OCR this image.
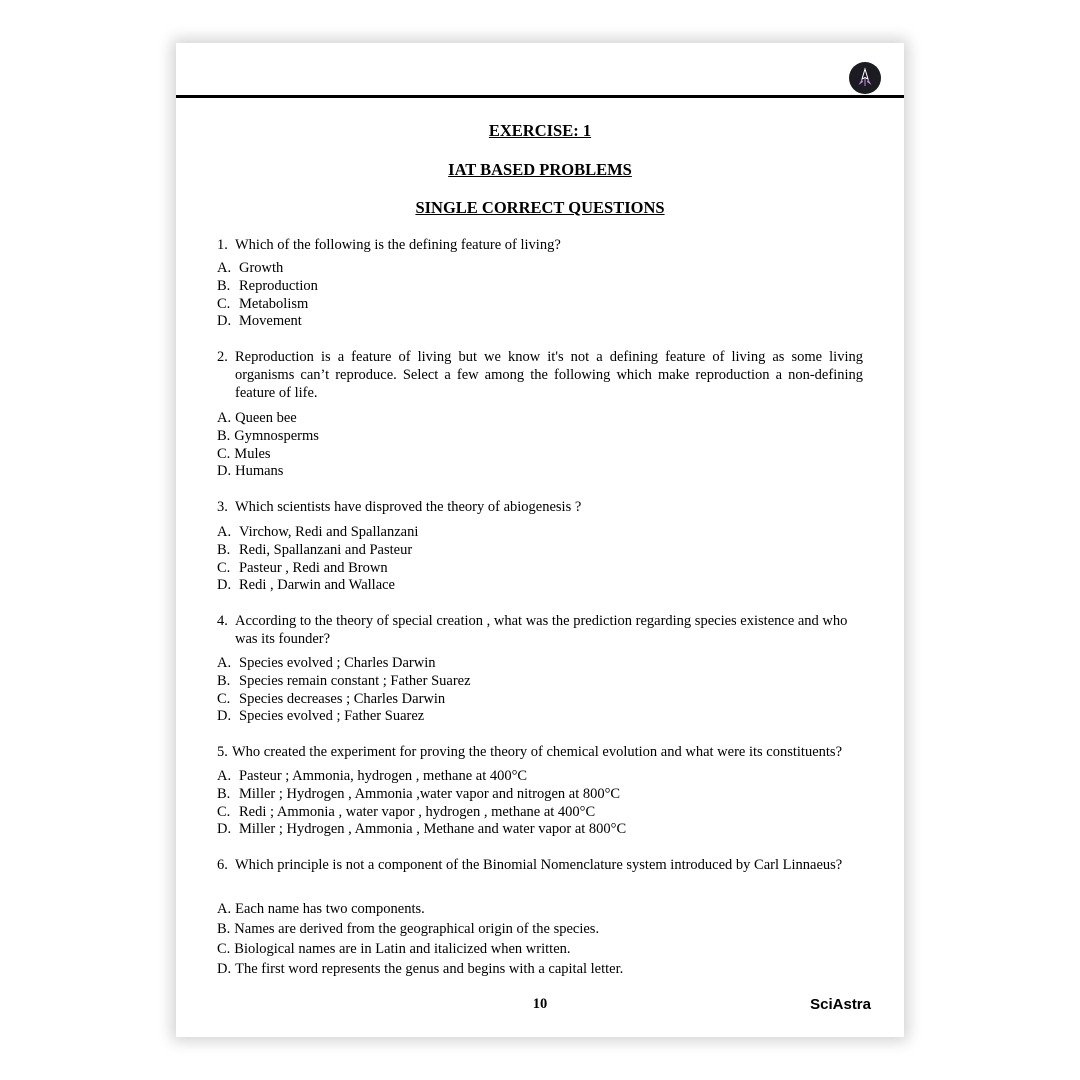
EXERCISE: 1
IAT BASED PROBLEMS
SINGLE CORRECT QUESTIONS
1. Which of the following is the defining feature of living?
A. Growth
B. Reproduction
C. Metabolism
D. Movement
2. Reproduction is a feature of living but we know it's not a defining feature of living as some living organisms can’t reproduce. Select a few among the following which make reproduction a non-defining feature of life.
A. Queen bee
B. Gymnosperms
C. Mules
D. Humans
3. Which scientists have disproved the theory of abiogenesis ?
A. Virchow, Redi and Spallanzani
B. Redi, Spallanzani and Pasteur
C. Pasteur , Redi and Brown
D. Redi , Darwin and Wallace
4. According to the theory of special creation , what was the prediction regarding species existence and who was its founder?
A. Species evolved ; Charles Darwin
B. Species remain constant ; Father Suarez
C. Species decreases ; Charles Darwin
D. Species evolved ; Father Suarez
5. Who created the experiment for proving the theory of chemical evolution and what were its constituents?
A. Pasteur ; Ammonia, hydrogen , methane at 400°C
B. Miller ; Hydrogen , Ammonia ,water vapor and nitrogen at 800°C
C. Redi ; Ammonia , water vapor , hydrogen , methane at 400°C
D. Miller ; Hydrogen , Ammonia , Methane and water vapor at 800°C
6. Which principle is not a component of the Binomial Nomenclature system introduced by Carl Linnaeus?
A. Each name has two components.
B. Names are derived from the geographical origin of the species.
C. Biological names are in Latin and italicized when written.
D. The first word represents the genus and begins with a capital letter.
10	SciAstra
